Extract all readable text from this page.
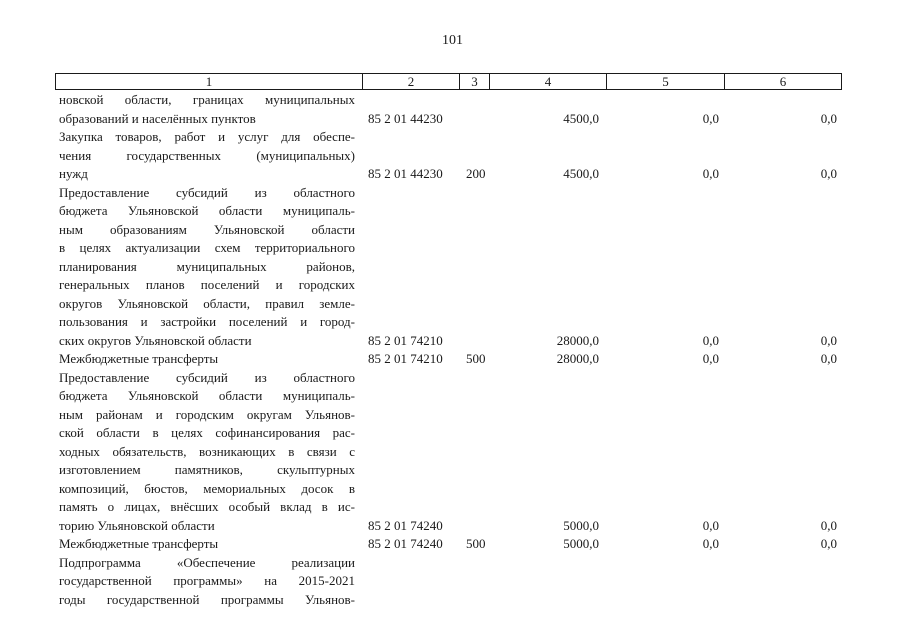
101
1	2	3	4	5	6
новской области, границах муниципальных
образований и населённых пунктов	85 2 01 44230	4500,0	0,0	0,0
Закупка товаров, работ и услуг для обеспе-
чения государственных (муниципальных)
нужд	85 2 01 44230 200	4500,0	0,0	0,0
Предоставление субсидий из областного
бюджета Ульяновской области муниципаль-
ным образованиям Ульяновской области
в целях актуализации схем территориального
планирования муниципальных районов,
генеральных планов поселений и городских
округов Ульяновской области, правил земле-
пользования и застройки поселений и город-
ских округов Ульяновской области	85 2 01 74210	28000,0	0,0	0,0
Межбюджетные трансферты	85 2 01 74210 500	28000,0	0,0	0,0
Предоставление субсидий из областного
бюджета Ульяновской области муниципаль-
ным районам и городским округам Ульянов-
ской области в целях софинансирования рас-
ходных обязательств, возникающих в связи с
изготовлением памятников, скульптурных
композиций, бюстов, мемориальных досок в
память о лицах, внёсших особый вклад в ис-
торию Ульяновской области	85 2 01 74240	5000,0	0,0	0,0
Межбюджетные трансферты	85 2 01 74240 500	5000,0	0,0	0,0
Подпрограмма «Обеспечение реализации
государственной программы» на 2015-2021
годы государственной программы Ульянов-
